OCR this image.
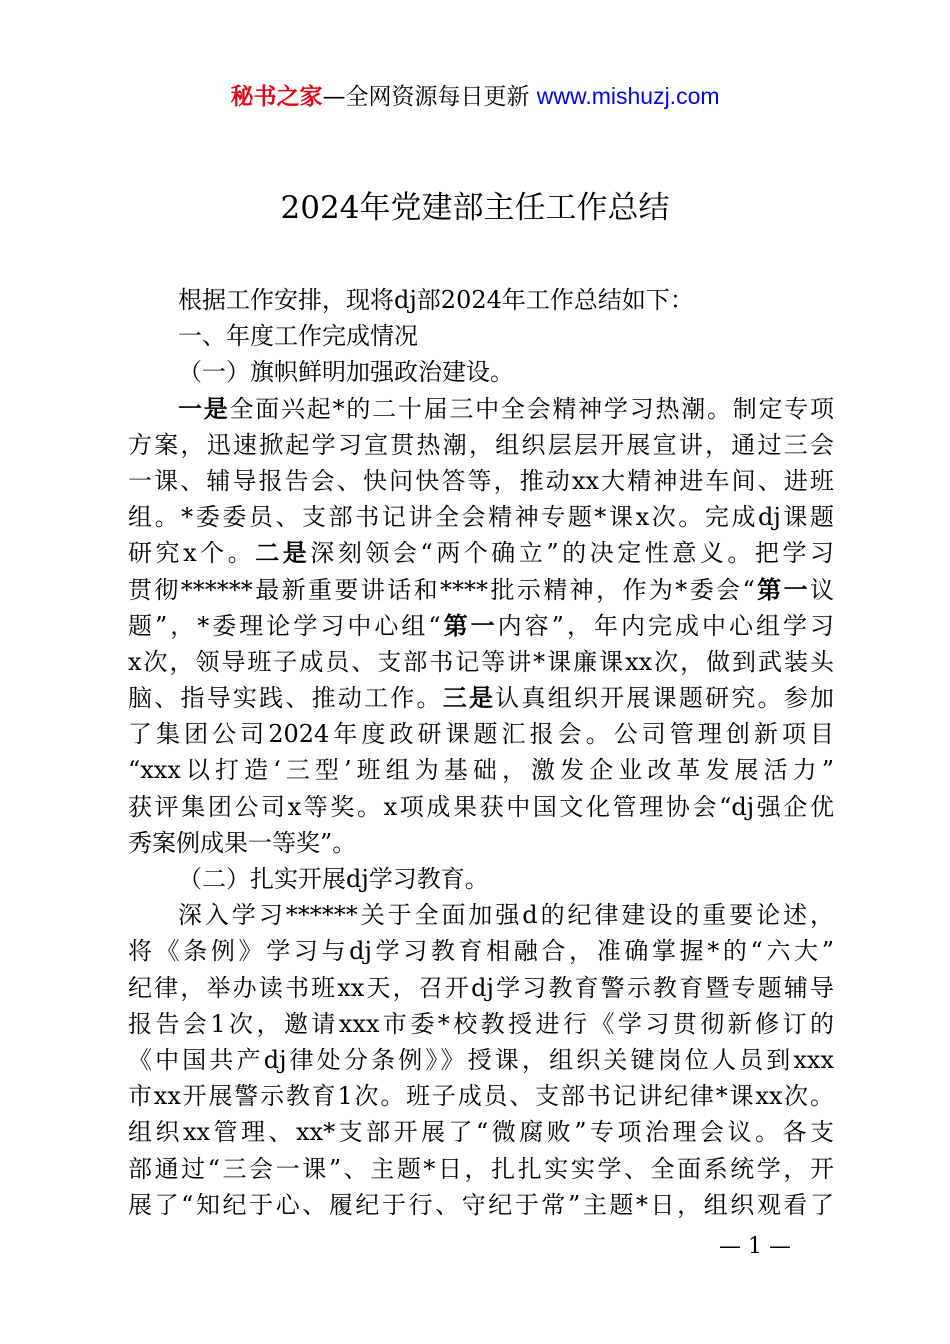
秘书之家—全网资源每日更新 www.mishuzj.com
2024年党建部主任工作总结
根据工作安排，现将dj部2024年工作总结如下：
一、年度工作完成情况
（一）旗帜鲜明加强政治建设。
一是全面兴起*的二十届三中全会精神学习热潮。制定专项
方案，迅速掀起学习宣贯热潮，组织层层开展宣讲，通过三会
一课、辅导报告会、快问快答等，推动xx大精神进车间、进班
组。*委委员、支部书记讲全会精神专题*课x次。完成dj课题
研究x个。二是深刻领会“两个确立”的决定性意义。把学习
贯彻******最新重要讲话和****批示精神，作为*委会“第一议
题”，*委理论学习中心组“第一内容”，年内完成中心组学习
x次，领导班子成员、支部书记等讲*课廉课xx次，做到武装头
脑、指导实践、推动工作。三是认真组织开展课题研究。参加
了集团公司2024年度政研课题汇报会。公司管理创新项目
“xxx以打造‘三型’班组为基础，激发企业改革发展活力”
获评集团公司x等奖。x项成果获中国文化管理协会“dj强企优
秀案例成果一等奖”。
（二）扎实开展dj学习教育。
深入学习******关于全面加强d的纪律建设的重要论述，
将《条例》学习与dj学习教育相融合，准确掌握*的“六大”
纪律，举办读书班xx天，召开dj学习教育警示教育暨专题辅导
报告会1次，邀请xxx市委*校教授进行《学习贯彻新修订的
《中国共产dj律处分条例》》授课，组织关键岗位人员到xxx
市xx开展警示教育1次。班子成员、支部书记讲纪律*课xx次。
组织xx管理、xx*支部开展了“微腐败”专项治理会议。各支
部通过“三会一课”、主题*日，扎扎实实学、全面系统学，开
展了“知纪于心、履纪于行、守纪于常”主题*日，组织观看了
— 1 —
